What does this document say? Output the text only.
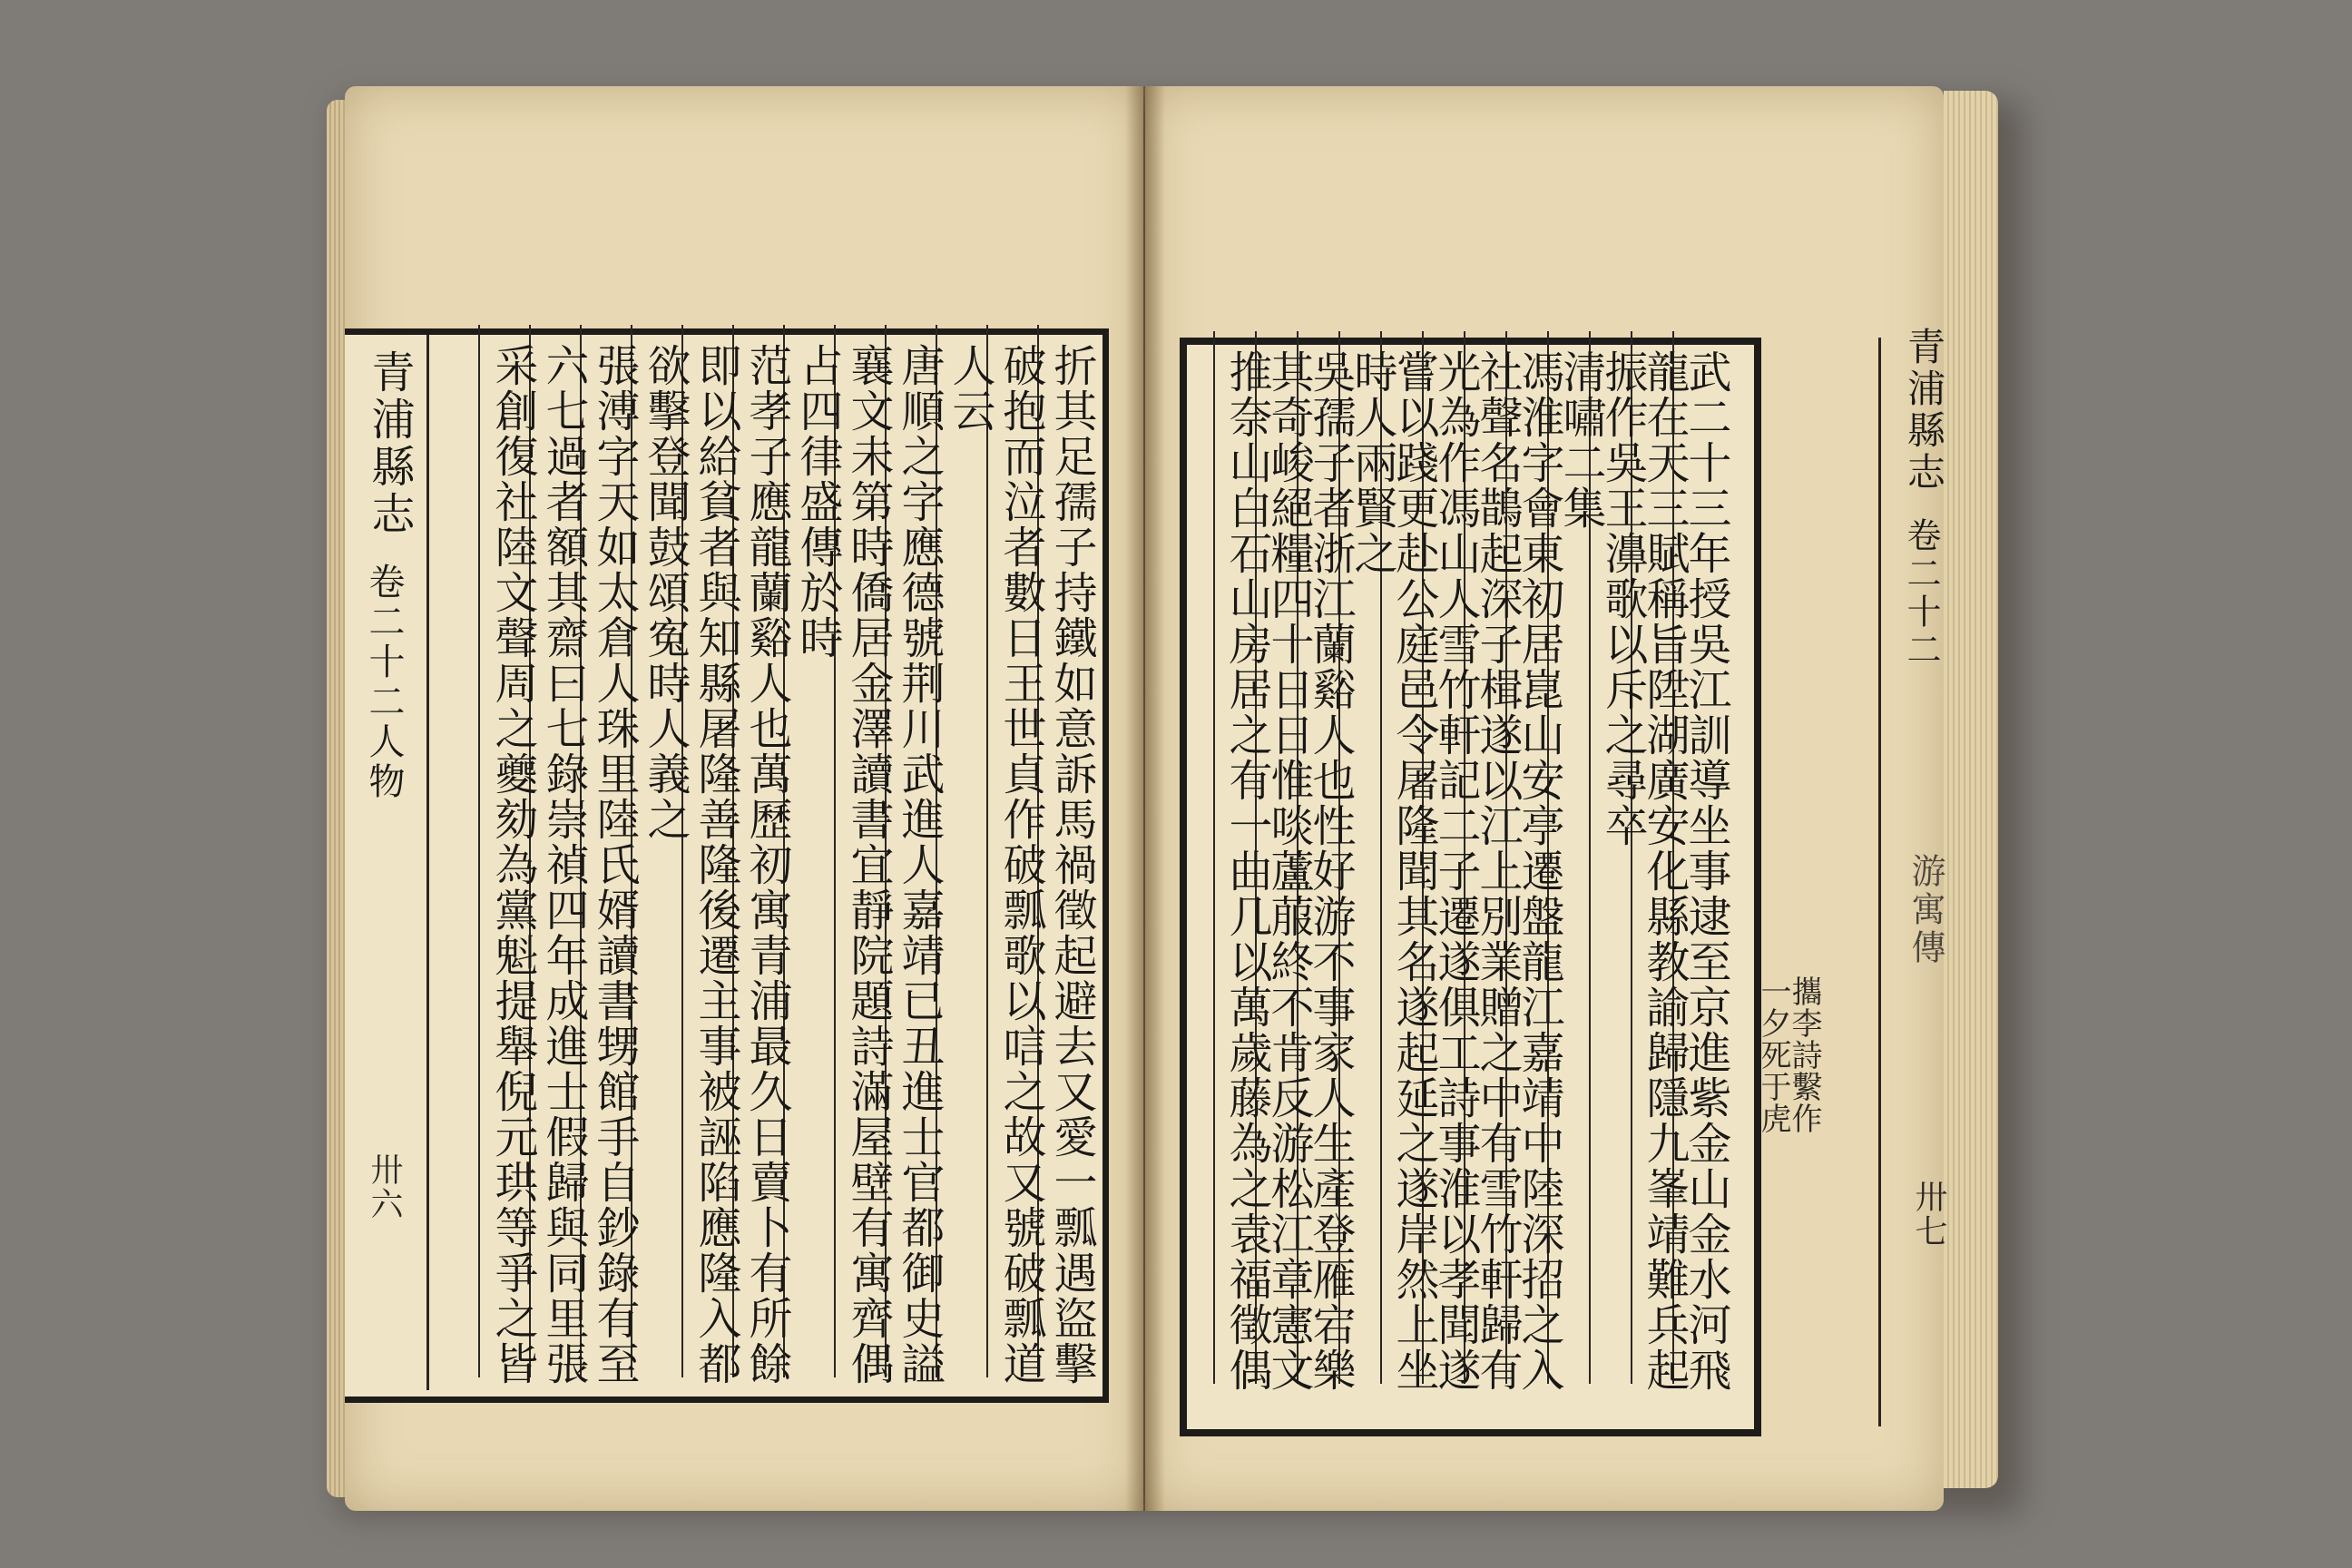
青浦縣志
卷二十二人物
卅六	折其足孺子持鐵如意訴馬禍徵起避去又愛一瓢遇盜擊
破抱而泣者數日王世貞作破瓢歌以唁之故又號破瓢道
人云
唐順之字應德號荆川武進人嘉靖已丑進士官都御史謚
襄文未第時僑居金澤讀書宜靜院題詩滿屋壁有寓齊偶
占四律盛傳於時
范孝子應龍蘭谿人也萬歷初寓青浦最久日賣卜有所餘
即以給貧者與知縣屠隆善隆後遷主事被誣陷應隆入都
欲擊登聞鼓頌寃時人義之
張溥字天如太倉人珠里陸氏婿讀書甥館手自鈔錄有至
六七過者額其齋曰七錄崇禎四年成進士假歸與同里張
采創復社陸文聲周之夔劾為黨魁提舉倪元珙等爭之皆	武二十三年授吳江訓導坐事逮至京進紫金山金水河飛
龍在天三賦稱旨陞湖廣安化縣教諭歸隱九峯靖難兵起
振作吳王濞歌以斥之尋卒
清嘯二集
馮淮字會東初居崑山安亭遷盤龍江嘉靖中陸深招之入
社聲名鵲起深子楫遂以江上別業贈之中有雪竹軒歸有
光為作馮山人雪竹軒記二子遷遂俱工詩事淮以孝聞遂
嘗以踐更赴公庭邑令屠隆聞其名遂起延之遂岸然上坐
時人兩賢之
吳孺子者浙江蘭谿人也性好游不事家人生產登雁宕樂
其奇峻絕糧四十日日惟啖蘆菔終不肯反游松江章憲文
推奈山白石山房居之有一曲几以萬歲藤為之袁福徵偶	青浦縣志
卷二十二
游寓傳
卅七
攜李詩繫作
一夕死于虎
